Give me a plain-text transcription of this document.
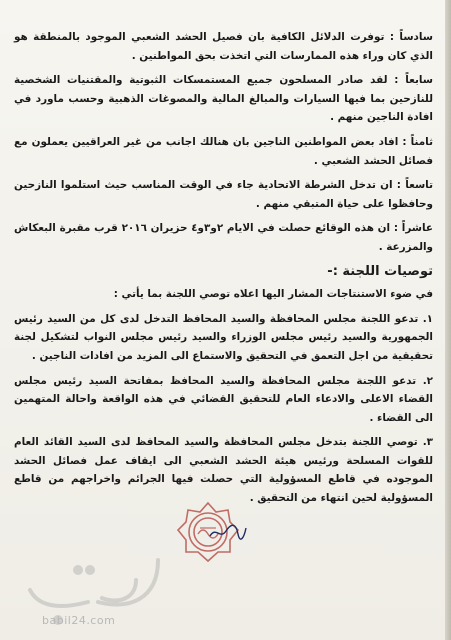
سادساً : توفرت الدلائل الكافية بان فصيل الحشد الشعبي الموجود بالمنطقة هو الذي كان وراء هذه الممارسات التي اتخذت بحق المواطنين .

سابعاً : لقد صادر المسلحون جميع المستمسكات الثبوتية والمقتنيات الشخصية للنازحين بما فيها السيارات والمبالغ المالية والمصوغات الذهبية وحسب ماورد في افادة الناجين منهم .

ثامناً : افاد بعض المواطنين الناجين بان هنالك اجانب من غير العراقيين يعملون مع فصائل الحشد الشعبي .

تاسعاً : ان تدخل الشرطة الاتحادية جاء في الوقت المناسب حيث استلموا النازحين وحافظوا على حياة المتبقي منهم .

عاشراً : ان هذه الوقائع حصلت في الايام ٢و٣و٤ حزيران ٢٠١٦ قرب مقبرة البعكاش والمزرعة .

توصيات اللجنة :-

في ضوء الاستنتاجات المشار اليها اعلاه توصي اللجنة بما يأتي :

١. تدعو اللجنة مجلس المحافظة والسيد المحافظ التدخل لدى كل من السيد رئيس الجمهورية والسيد رئيس مجلس الوزراء والسيد رئيس مجلس النواب لتشكيل لجنة تحقيقية من اجل التعمق في التحقيق والاستماع الى المزيد من افادات الناجين .

٢. تدعو اللجنة مجلس المحافظة والسيد المحافظ بمفاتحة السيد رئيس مجلس القضاء الاعلى والادعاء العام للتحقيق القضائي في هذه الواقعة واحالة المتهمين الى القضاء .

٣. توصي اللجنة بتدخل مجلس المحافظة والسيد المحافظ لدى السيد القائد العام للقوات المسلحة ورئيس هيئة الحشد الشعبي الى ايقاف عمل فصائل الحشد الموجوده في قاطع المسؤولية التي حصلت فيها الجرائم واخراجهم من قاطع المسؤولية لحين انتهاء من التحقيق .

babil24.com
